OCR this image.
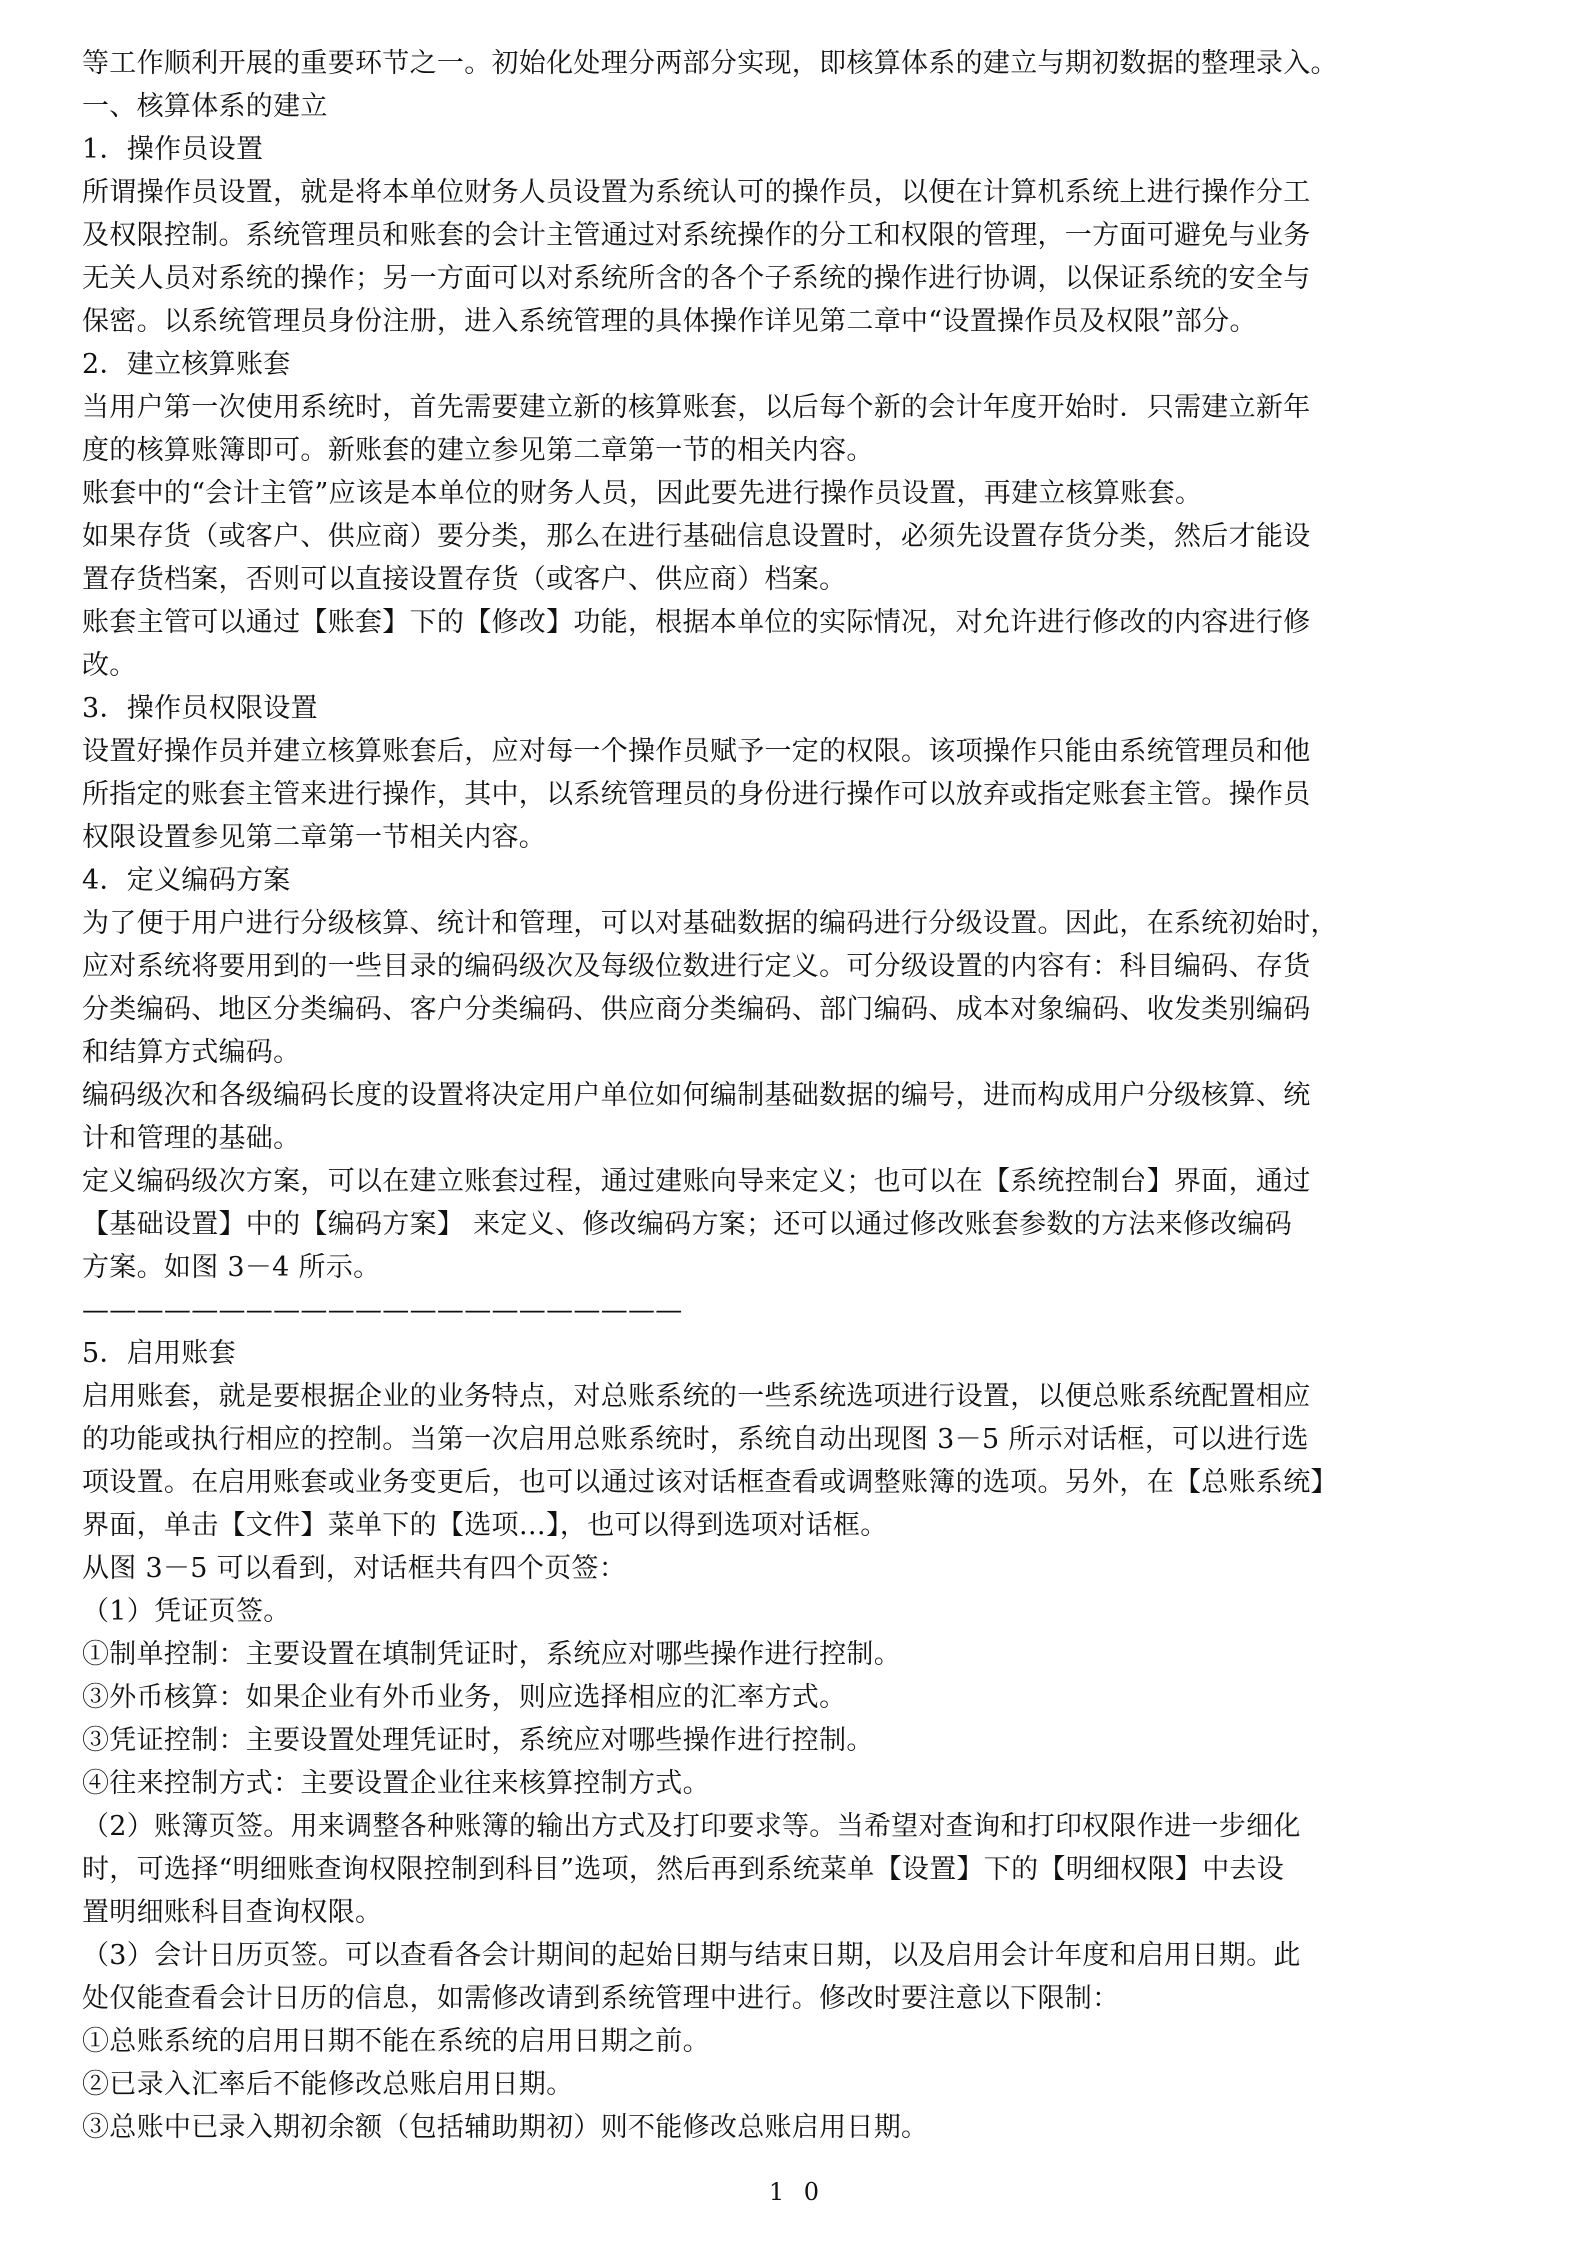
等工作顺利开展的重要环节之一。初始化处理分两部分实现，即核算体系的建立与期初数据的整理录入。
一、核算体系的建立
1．操作员设置
所谓操作员设置，就是将本单位财务人员设置为系统认可的操作员，以便在计算机系统上进行操作分工
及权限控制。系统管理员和账套的会计主管通过对系统操作的分工和权限的管理，一方面可避免与业务
无关人员对系统的操作；另一方面可以对系统所含的各个子系统的操作进行协调，以保证系统的安全与
保密。以系统管理员身份注册，进入系统管理的具体操作详见第二章中“设置操作员及权限”部分。
2．建立核算账套
当用户第一次使用系统时，首先需要建立新的核算账套，以后每个新的会计年度开始时．只需建立新年
度的核算账簿即可。新账套的建立参见第二章第一节的相关内容。
账套中的“会计主管”应该是本单位的财务人员，因此要先进行操作员设置，再建立核算账套。
如果存货（或客户、供应商）要分类，那么在进行基础信息设置时，必须先设置存货分类，然后才能设
置存货档案，否则可以直接设置存货（或客户、供应商）档案。
账套主管可以通过【账套】下的【修改】功能，根据本单位的实际情况，对允许进行修改的内容进行修
改。
3．操作员权限设置
设置好操作员并建立核算账套后，应对每一个操作员赋予一定的权限。该项操作只能由系统管理员和他
所指定的账套主管来进行操作，其中，以系统管理员的身份进行操作可以放弃或指定账套主管。操作员
权限设置参见第二章第一节相关内容。
4．定义编码方案
为了便于用户进行分级核算、统计和管理，可以对基础数据的编码进行分级设置。因此，在系统初始时，
应对系统将要用到的一些目录的编码级次及每级位数进行定义。可分级设置的内容有：科目编码、存货
分类编码、地区分类编码、客户分类编码、供应商分类编码、部门编码、成本对象编码、收发类别编码
和结算方式编码。
编码级次和各级编码长度的设置将决定用户单位如何编制基础数据的编号，进而构成用户分级核算、统
计和管理的基础。
定义编码级次方案，可以在建立账套过程，通过建账向导来定义；也可以在【系统控制台】界面，通过
【基础设置】中的【编码方案】 来定义、修改编码方案；还可以通过修改账套参数的方法来修改编码
方案。如图 3－4 所示。
——————————————————————
5．启用账套
启用账套，就是要根据企业的业务特点，对总账系统的一些系统选项进行设置，以便总账系统配置相应
的功能或执行相应的控制。当第一次启用总账系统时，系统自动出现图 3－5 所示对话框，可以进行选
项设置。在启用账套或业务变更后，也可以通过该对话框查看或调整账簿的选项。另外，在【总账系统】
界面，单击【文件】菜单下的【选项…】，也可以得到选项对话框。
从图 3－5 可以看到，对话框共有四个页签：
（1）凭证页签。
①制单控制：主要设置在填制凭证时，系统应对哪些操作进行控制。
③外币核算：如果企业有外币业务，则应选择相应的汇率方式。
③凭证控制：主要设置处理凭证时，系统应对哪些操作进行控制。
④往来控制方式：主要设置企业往来核算控制方式。
（2）账簿页签。用来调整各种账簿的输出方式及打印要求等。当希望对查询和打印权限作进一步细化
时，可选择“明细账查询权限控制到科目”选项，然后再到系统菜单【设置】下的【明细权限】中去设
置明细账科目查询权限。
（3）会计日历页签。可以查看各会计期间的起始日期与结束日期，以及启用会计年度和启用日期。此
处仅能查看会计日历的信息，如需修改请到系统管理中进行。修改时要注意以下限制：
①总账系统的启用日期不能在系统的启用日期之前。
②已录入汇率后不能修改总账启用日期。
③总账中已录入期初余额（包括辅助期初）则不能修改总账启用日期。
1 0
